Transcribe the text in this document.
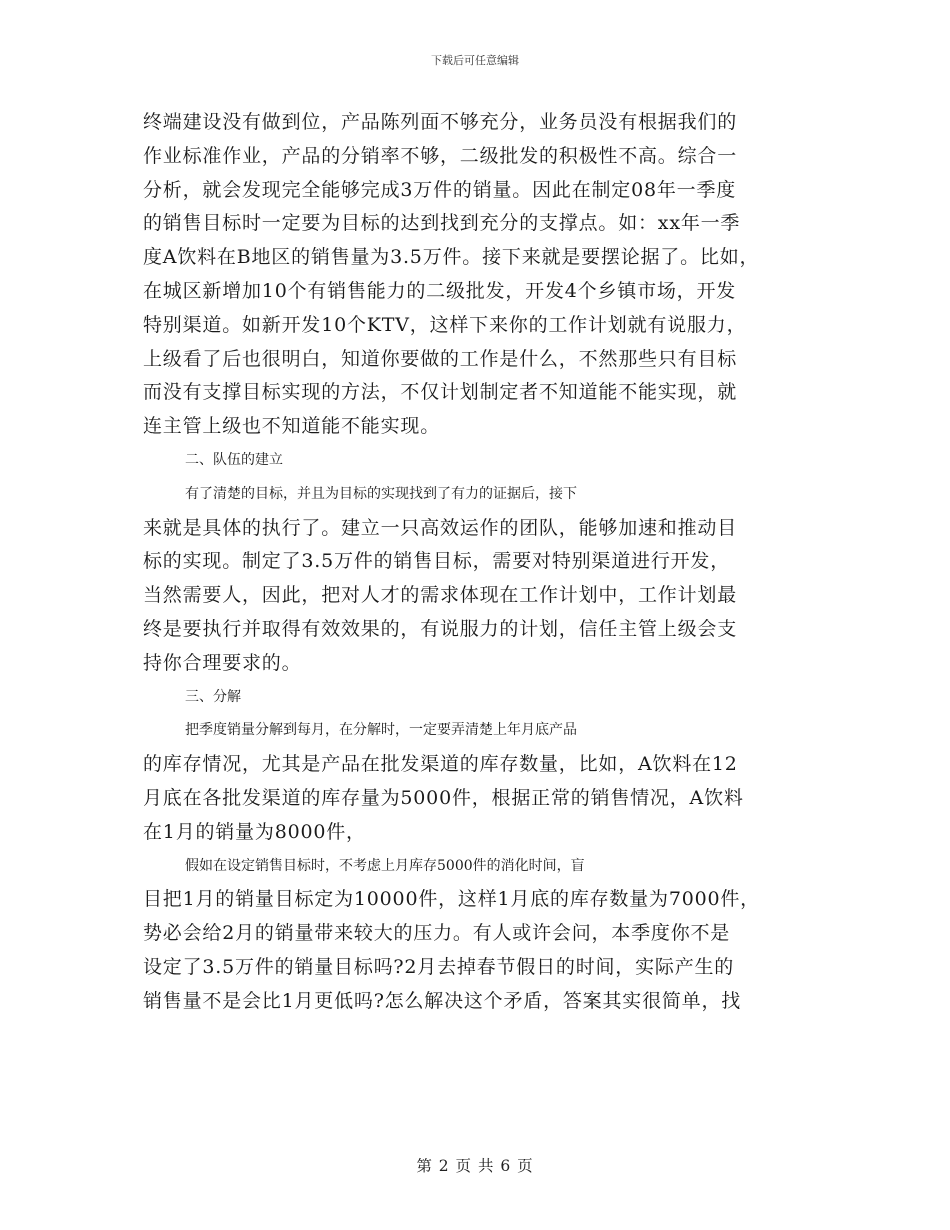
下载后可任意编辑
终端建设没有做到位，产品陈列面不够充分，业务员没有根据我们的
作业标准作业，产品的分销率不够，二级批发的积极性不高。综合一
分析，就会发现完全能够完成3万件的销量。因此在制定08年一季度
的销售目标时一定要为目标的达到找到充分的支撑点。如：xx年一季
度A饮料在B地区的销售量为3.5万件。接下来就是要摆论据了。比如，
在城区新增加10个有销售能力的二级批发，开发4个乡镇市场，开发
特别渠道。如新开发10个KTV，这样下来你的工作计划就有说服力，
上级看了后也很明白，知道你要做的工作是什么，不然那些只有目标
而没有支撑目标实现的方法，不仅计划制定者不知道能不能实现，就
连主管上级也不知道能不能实现。
二、队伍的建立
有了清楚的目标，并且为目标的实现找到了有力的证据后，接下
来就是具体的执行了。建立一只高效运作的团队，能够加速和推动目
标的实现。制定了3.5万件的销售目标，需要对特别渠道进行开发，
当然需要人，因此，把对人才的需求体现在工作计划中，工作计划最
终是要执行并取得有效效果的，有说服力的计划，信任主管上级会支
持你合理要求的。
三、分解
把季度销量分解到每月，在分解时，一定要弄清楚上年月底产品
的库存情况，尤其是产品在批发渠道的库存数量，比如，A饮料在12
月底在各批发渠道的库存量为5000件，根据正常的销售情况，A饮料
在1月的销量为8000件，
假如在设定销售目标时，不考虑上月库存5000件的消化时间，盲
目把1月的销量目标定为10000件，这样1月底的库存数量为7000件，
势必会给2月的销量带来较大的压力。有人或许会问，本季度你不是
设定了3.5万件的销量目标吗?2月去掉春节假日的时间，实际产生的
销售量不是会比1月更低吗?怎么解决这个矛盾，答案其实很简单，找
第 2 页 共 6 页
